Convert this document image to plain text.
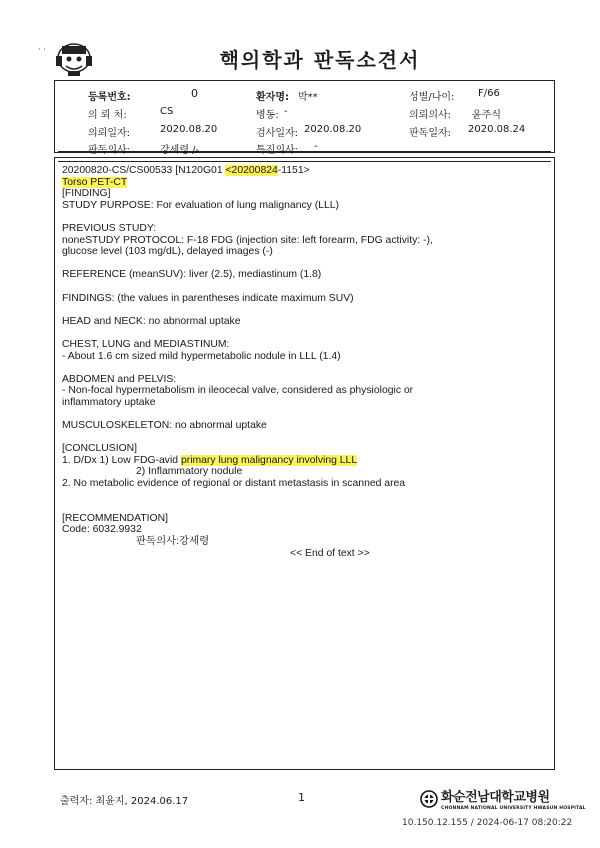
· ·	핵의학과 판독소견서
등록번호:	0	환자명: 박**	성별/나이: F/66
의 뢰 처:	CS	병동: -	의뢰의사: 윤주식
의뢰일자:	2020.08.20	검사일자: 2020.08.20	판독일자: 2020.08.24
판독의사:	강세령 /-	특진의사: -
20200820-CS/CS00533 [N120G01 <20200824-1151>
Torso PET-CT
[FINDING]
STUDY PURPOSE: For evaluation of lung malignancy (LLL)
PREVIOUS STUDY:
noneSTUDY PROTOCOL: F-18 FDG (injection site: left forearm, FDG activity: -),
glucose level (103 mg/dL), delayed images (-)
REFERENCE (meanSUV): liver (2.5), mediastinum (1.8)
FINDINGS: (the values in parentheses indicate maximum SUV)
HEAD and NECK: no abnormal uptake
CHEST, LUNG and MEDIASTINUM:
- About 1.6 cm sized mild hypermetabolic nodule in LLL (1.4)
ABDOMEN and PELVIS:
- Non-focal hypermetabolism in ileocecal valve, considered as physiologic or
inflammatory uptake
MUSCULOSKELETON: no abnormal uptake
[CONCLUSION]
1. D/Dx 1) Low FDG-avid primary lung malignancy involving LLL
2) Inflammatory nodule
2. No metabolic evidence of regional or distant metastasis in scanned area
[RECOMMENDATION]
Code: 6032.9932
판독의사:강세령
<< End of text >>
출력자: 최윤지, 2024.06.17	1	화순전남대학교병원
CHONNAM NATIONAL UNIVERSITY HWASUN HOSPITAL
10.150.12.155 / 2024-06-17 08:20:22
